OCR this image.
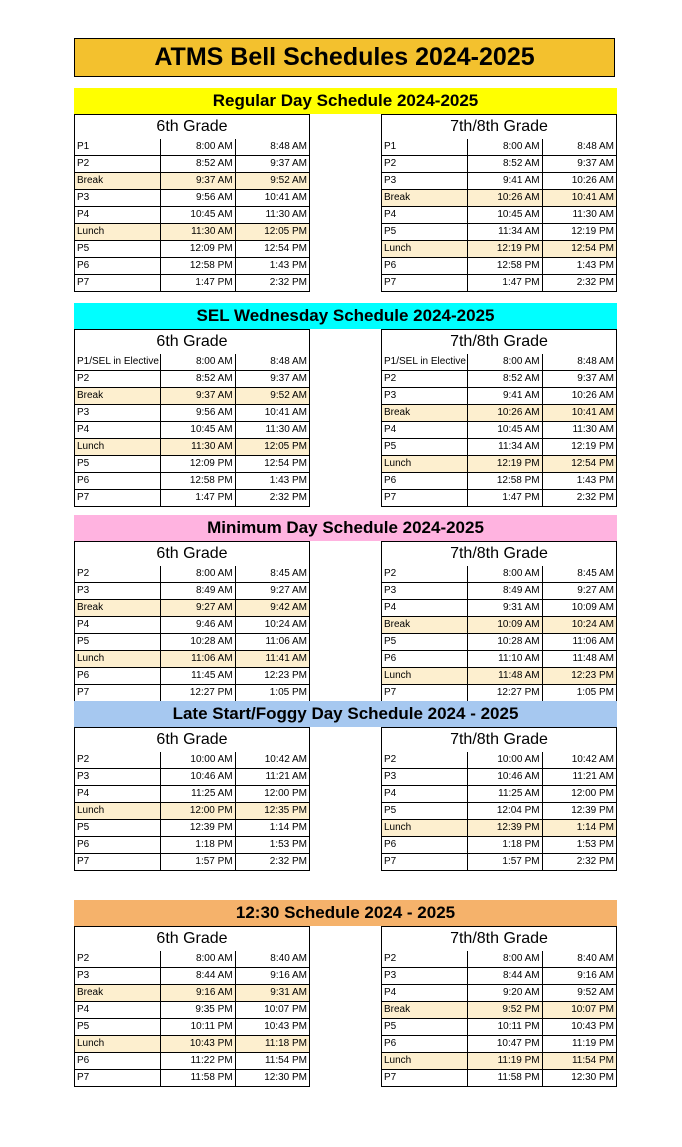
ATMS Bell Schedules 2024-2025
Regular Day Schedule 2024-2025
6th Grade		
P1	8:00 AM	8:48 AM
P2	8:52 AM	9:37 AM
Break	9:37 AM	9:52 AM
P3	9:56 AM	10:41 AM
P4	10:45 AM	11:30 AM
Lunch	11:30 AM	12:05 PM
P5	12:09 PM	12:54 PM
P6	12:58 PM	1:43 PM
P7	1:47 PM	2:32 PM
7th/8th Grade		
P1	8:00 AM	8:48 AM
P2	8:52 AM	9:37 AM
P3	9:41 AM	10:26 AM
Break	10:26 AM	10:41 AM
P4	10:45 AM	11:30 AM
P5	11:34 AM	12:19 PM
Lunch	12:19 PM	12:54 PM
P6	12:58 PM	1:43 PM
P7	1:47 PM	2:32 PM
SEL Wednesday Schedule 2024-2025
6th Grade		
P1/SEL in Elective	8:00 AM	8:48 AM
P2	8:52 AM	9:37 AM
Break	9:37 AM	9:52 AM
P3	9:56 AM	10:41 AM
P4	10:45 AM	11:30 AM
Lunch	11:30 AM	12:05 PM
P5	12:09 PM	12:54 PM
P6	12:58 PM	1:43 PM
P7	1:47 PM	2:32 PM
7th/8th Grade		
P1/SEL in Elective	8:00 AM	8:48 AM
P2	8:52 AM	9:37 AM
P3	9:41 AM	10:26 AM
Break	10:26 AM	10:41 AM
P4	10:45 AM	11:30 AM
P5	11:34 AM	12:19 PM
Lunch	12:19 PM	12:54 PM
P6	12:58 PM	1:43 PM
P7	1:47 PM	2:32 PM
Minimum Day Schedule 2024-2025
6th Grade		
P2	8:00 AM	8:45 AM
P3	8:49 AM	9:27 AM
Break	9:27 AM	9:42 AM
P4	9:46 AM	10:24 AM
P5	10:28 AM	11:06 AM
Lunch	11:06 AM	11:41 AM
P6	11:45 AM	12:23 PM
P7	12:27 PM	1:05 PM
7th/8th Grade		
P2	8:00 AM	8:45 AM
P3	8:49 AM	9:27 AM
P4	9:31 AM	10:09 AM
Break	10:09 AM	10:24 AM
P5	10:28 AM	11:06 AM
P6	11:10 AM	11:48 AM
Lunch	11:48 AM	12:23 PM
P7	12:27 PM	1:05 PM
Late Start/Foggy Day Schedule 2024 - 2025
6th Grade		
P2	10:00 AM	10:42 AM
P3	10:46 AM	11:21 AM
P4	11:25 AM	12:00 PM
Lunch	12:00 PM	12:35 PM
P5	12:39 PM	1:14 PM
P6	1:18 PM	1:53 PM
P7	1:57 PM	2:32 PM
7th/8th Grade		
P2	10:00 AM	10:42 AM
P3	10:46 AM	11:21 AM
P4	11:25 AM	12:00 PM
P5	12:04 PM	12:39 PM
Lunch	12:39 PM	1:14 PM
P6	1:18 PM	1:53 PM
P7	1:57 PM	2:32 PM
12:30 Schedule 2024 - 2025
6th Grade		
P2	8:00 AM	8:40 AM
P3	8:44 AM	9:16 AM
Break	9:16 AM	9:31 AM
P4	9:35 PM	10:07 PM
P5	10:11 PM	10:43 PM
Lunch	10:43 PM	11:18 PM
P6	11:22 PM	11:54 PM
P7	11:58 PM	12:30 PM
7th/8th Grade		
P2	8:00 AM	8:40 AM
P3	8:44 AM	9:16 AM
P4	9:20 AM	9:52 AM
Break	9:52 PM	10:07 PM
P5	10:11 PM	10:43 PM
P6	10:47 PM	11:19 PM
Lunch	11:19 PM	11:54 PM
P7	11:58 PM	12:30 PM
